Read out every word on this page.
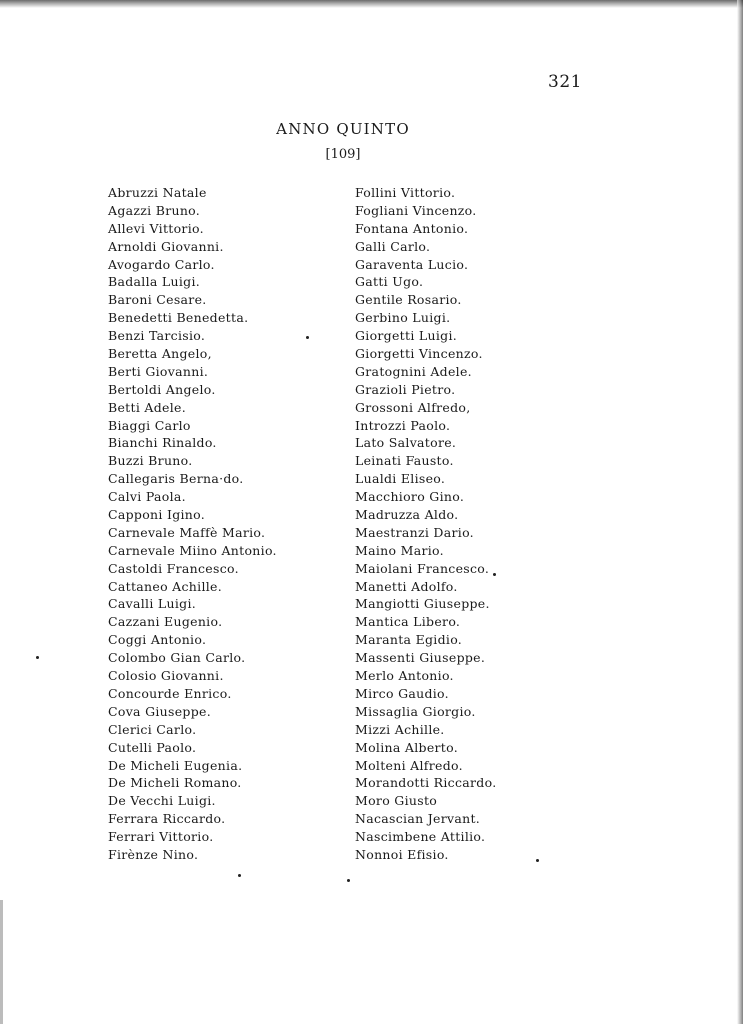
321
ANNO QUINTO
[109]
Abruzzi Natale
Agazzi Bruno.
Allevi Vittorio.
Arnoldi Giovanni.
Avogardo Carlo.
Badalla Luigi.
Baroni Cesare.
Benedetti Benedetta.
Benzi Tarcisio.
Beretta Angelo,
Berti Giovanni.
Bertoldi Angelo.
Betti Adele.
Biaggi Carlo
Bianchi Rinaldo.
Buzzi Bruno.
Callegaris Berna·do.
Calvi Paola.
Capponi Igino.
Carnevale Maffè Mario.
Carnevale Miino Antonio.
Castoldi Francesco.
Cattaneo Achille.
Cavalli Luigi.
Cazzani Eugenio.
Coggi Antonio.
Colombo Gian Carlo.
Colosio Giovanni.
Concourde Enrico.
Cova Giuseppe.
Clerici Carlo.
Cutelli Paolo.
De Micheli Eugenia.
De Micheli Romano.
De Vecchi Luigi.
Ferrara Riccardo.
Ferrari Vittorio.
Firènze Nino.
Follini Vittorio.
Fogliani Vincenzo.
Fontana Antonio.
Galli Carlo.
Garaventa Lucio.
Gatti Ugo.
Gentile Rosario.
Gerbino Luigi.
Giorgetti Luigi.
Giorgetti Vincenzo.
Gratognini Adele.
Grazioli Pietro.
Grossoni Alfredo,
Introzzi Paolo.
Lato Salvatore.
Leinati Fausto.
Lualdi Eliseo.
Macchioro Gino.
Madruzza Aldo.
Maestranzi Dario.
Maino Mario.
Maiolani Francesco.
Manetti Adolfo.
Mangiotti Giuseppe.
Mantica Libero.
Maranta Egidio.
Massenti Giuseppe.
Merlo Antonio.
Mirco Gaudio.
Missaglia Giorgio.
Mizzi Achille.
Molina Alberto.
Molteni Alfredo.
Morandotti Riccardo.
Moro Giusto
Nacascian Jervant.
Nascimbene Attilio.
Nonnoi Efisio.
